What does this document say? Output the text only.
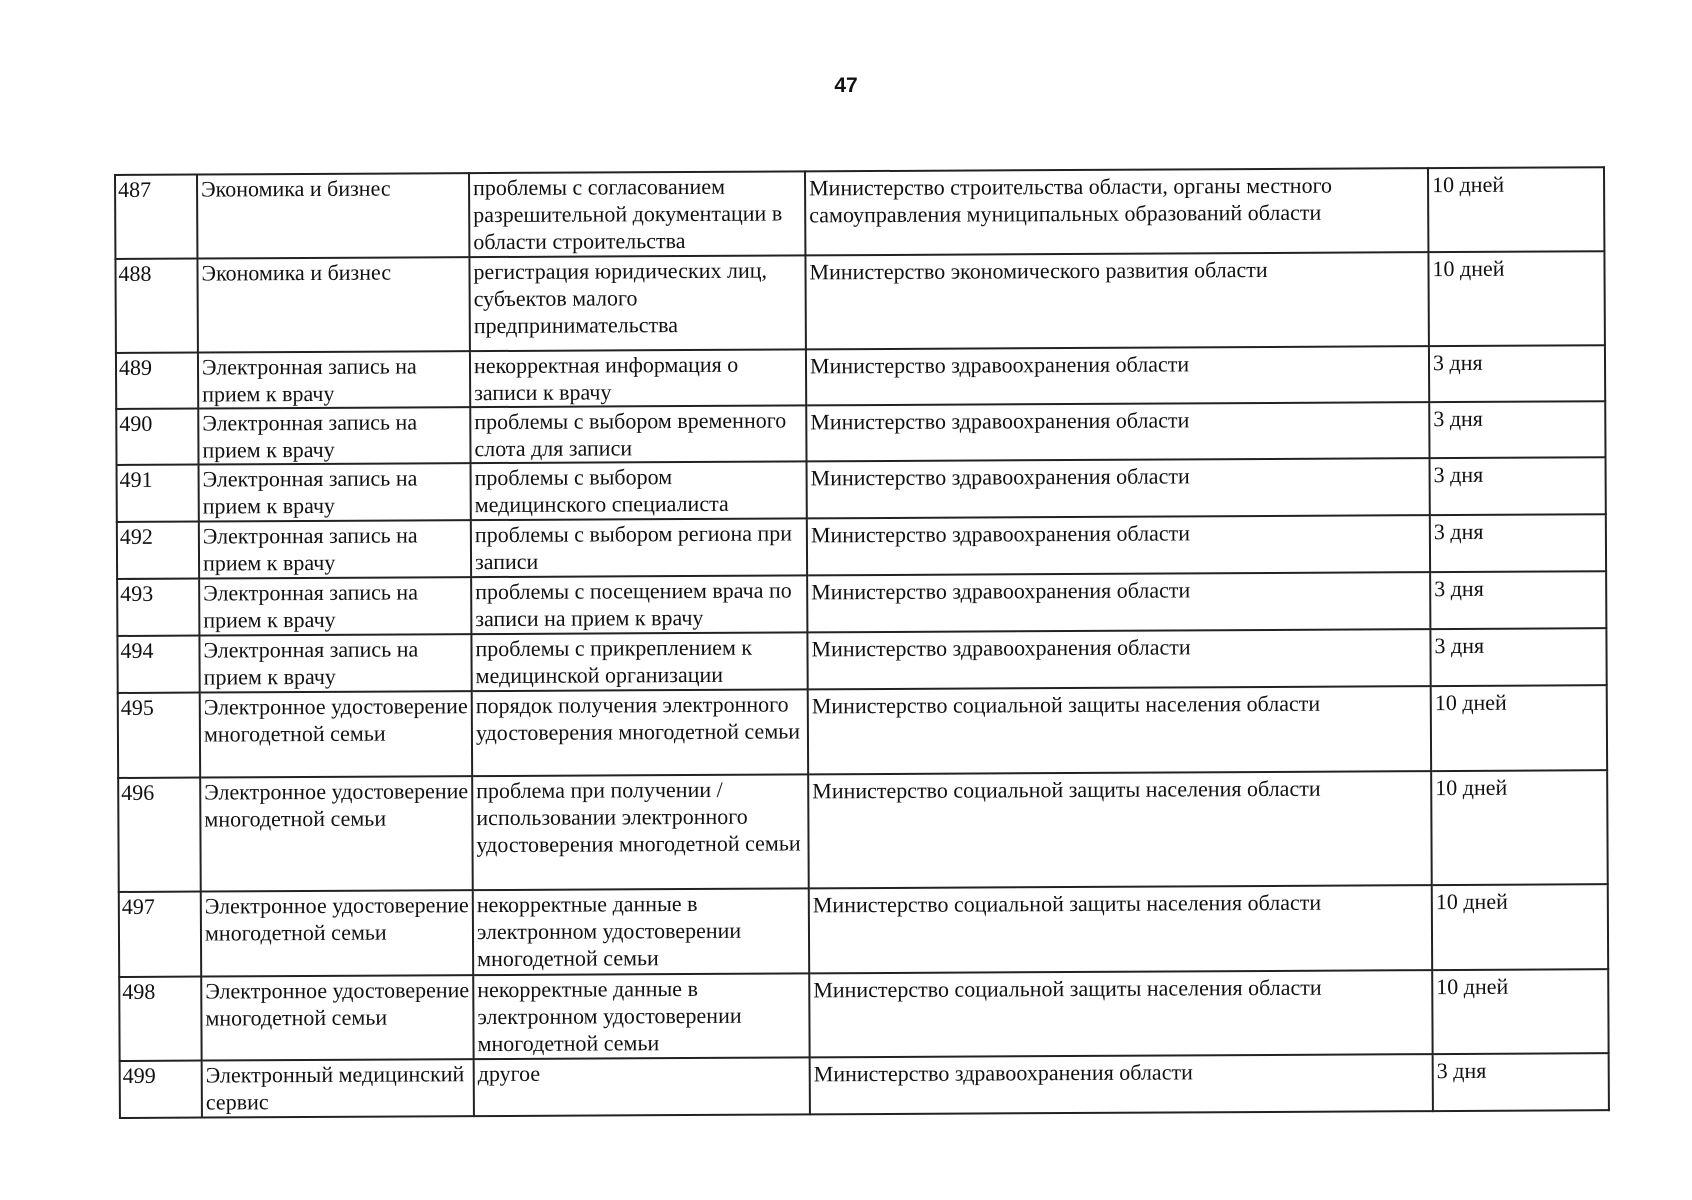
47
487	Экономика и бизнес	проблемы с согласованием разрешительной документации в области строительства	Министерство строительства области, органы местного самоуправления муниципальных образований области	10 дней
488	Экономика и бизнес	регистрация юридических лиц, субъектов малого предпринимательства	Министерство экономического развития области	10 дней
489	Электронная запись на прием к врачу	некорректная информация о записи к врачу	Министерство здравоохранения области	3 дня
490	Электронная запись на прием к врачу	проблемы с выбором временного слота для записи	Министерство здравоохранения области	3 дня
491	Электронная запись на прием к врачу	проблемы с выбором медицинского специалиста	Министерство здравоохранения области	3 дня
492	Электронная запись на прием к врачу	проблемы с выбором региона при записи	Министерство здравоохранения области	3 дня
493	Электронная запись на прием к врачу	проблемы с посещением врача по записи на прием к врачу	Министерство здравоохранения области	3 дня
494	Электронная запись на прием к врачу	проблемы с прикреплением к медицинской организации	Министерство здравоохранения области	3 дня
495	Электронное удостоверение многодетной семьи	порядок получения электронного удостоверения многодетной семьи	Министерство социальной защиты населения области	10 дней
496	Электронное удостоверение многодетной семьи	проблема при получении / использовании электронного удостоверения многодетной семьи	Министерство социальной защиты населения области	10 дней
497	Электронное удостоверение многодетной семьи	некорректные данные в электронном удостоверении многодетной семьи	Министерство социальной защиты населения области	10 дней
498	Электронное удостоверение многодетной семьи	некорректные данные в электронном удостоверении многодетной семьи	Министерство социальной защиты населения области	10 дней
499	Электронный медицинский сервис	другое	Министерство здравоохранения области	3 дня
